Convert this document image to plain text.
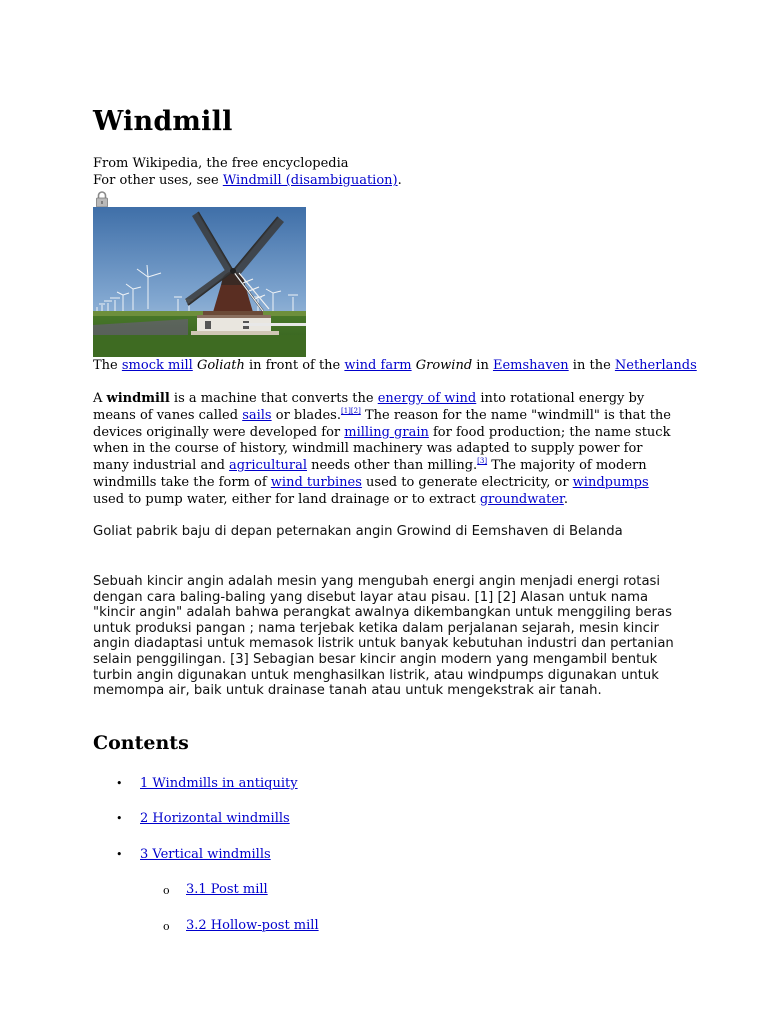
Windmill
From Wikipedia, the free encyclopedia
For other uses, see Windmill (disambiguation).
The smock mill Goliath in front of the wind farm Growind in Eemshaven in the Netherlands
A windmill is a machine that converts the energy of wind into rotational energy by means of vanes called sails or blades.[1][2] The reason for the name "windmill" is that the devices originally were developed for milling grain for food production; the name stuck when in the course of history, windmill machinery was adapted to supply power for many industrial and agricultural needs other than milling.[3] The majority of modern windmills take the form of wind turbines used to generate electricity, or windpumps used to pump water, either for land drainage or to extract groundwater.
Goliat pabrik baju di depan peternakan angin Growind di Eemshaven di Belanda
Sebuah kincir angin adalah mesin yang mengubah energi angin menjadi energi rotasi dengan cara baling-baling yang disebut layar atau pisau. [1] [2] Alasan untuk nama "kincir angin" adalah bahwa perangkat awalnya dikembangkan untuk menggiling beras untuk produksi pangan ; nama terjebak ketika dalam perjalanan sejarah, mesin kincir angin diadaptasi untuk memasok listrik untuk banyak kebutuhan industri dan pertanian selain penggilingan. [3] Sebagian besar kincir angin modern yang mengambil bentuk turbin angin digunakan untuk menghasilkan listrik, atau windpumps digunakan untuk memompa air, baik untuk drainase tanah atau untuk mengekstrak air tanah.
Contents
• 1 Windmills in antiquity
• 2 Horizontal windmills
• 3 Vertical windmills
o 3.1 Post mill
o 3.2 Hollow-post mill
